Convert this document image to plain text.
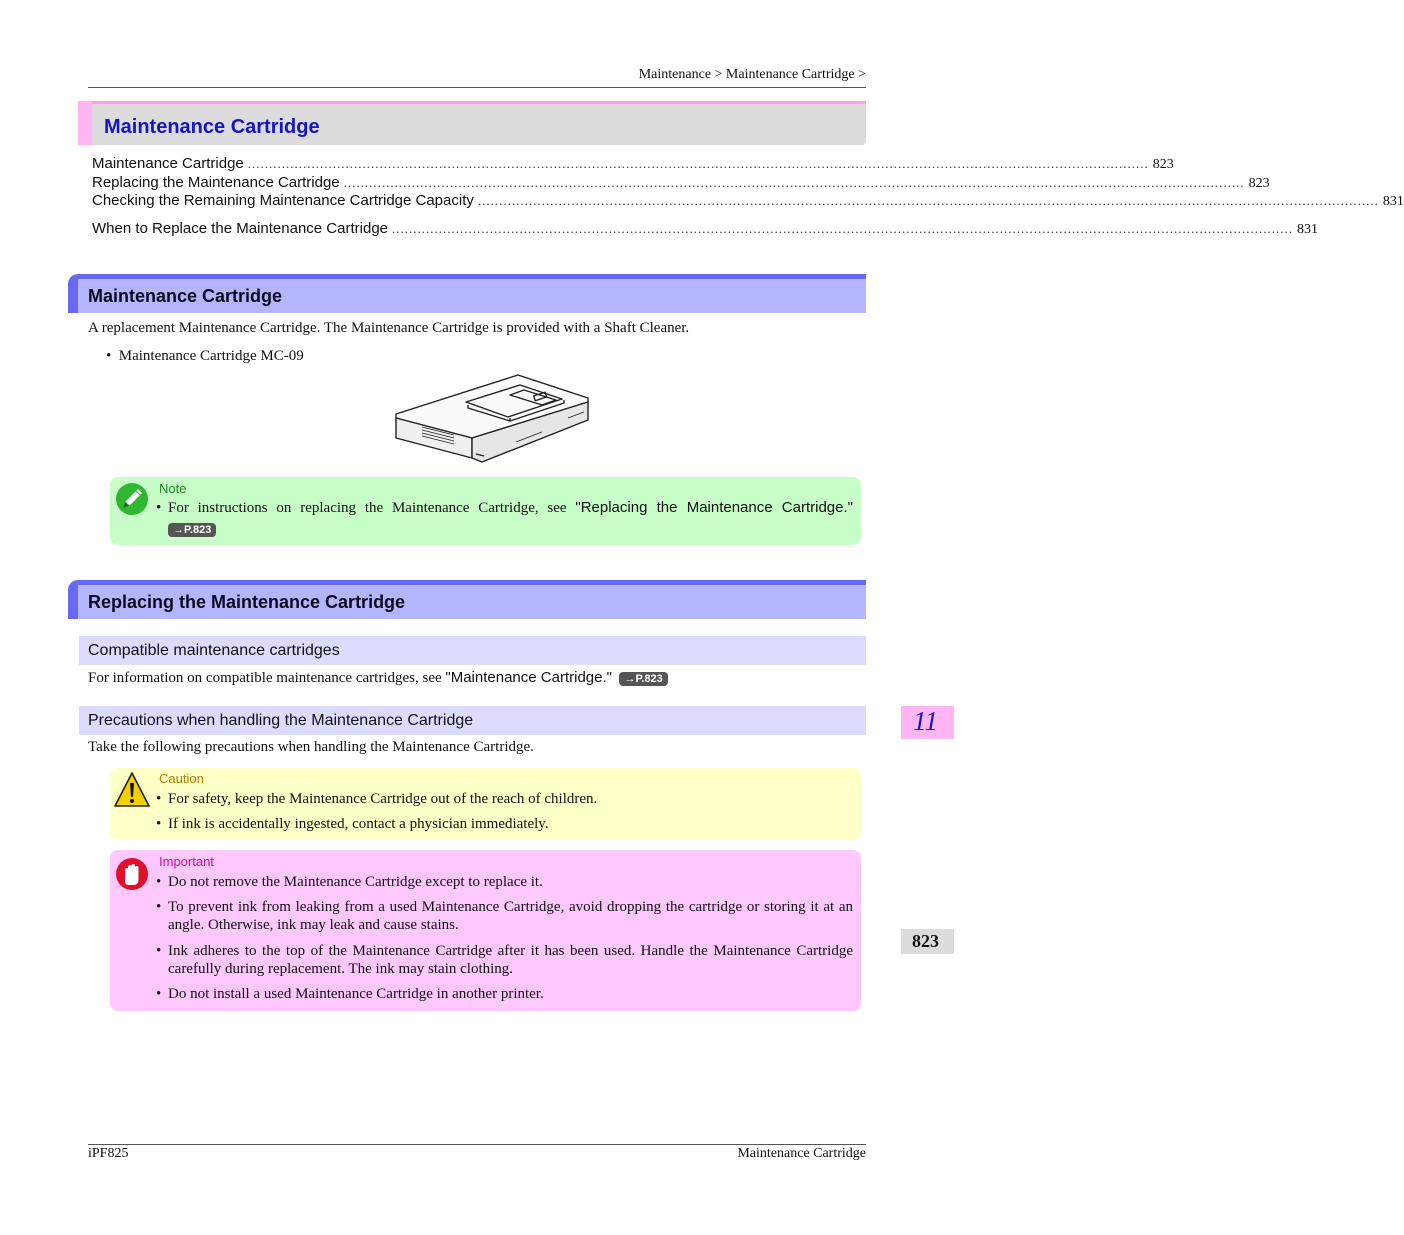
Maintenance > Maintenance Cartridge >
Maintenance Cartridge
Maintenance Cartridge .................................................................................................................................................................................................................... 823
Replacing the Maintenance Cartridge .................................................................................................................................................................................................................... 823
Checking the Remaining Maintenance Cartridge Capacity .................................................................................................................................................................................................................... 831
When to Replace the Maintenance Cartridge .................................................................................................................................................................................................................... 831
Maintenance Cartridge
A replacement Maintenance Cartridge. The Maintenance Cartridge is provided with a Shaft Cleaner.
•  Maintenance Cartridge MC-09
Note
• For instructions on replacing the Maintenance Cartridge, see "Replacing the Maintenance Cartridge."
→P.823
Replacing the Maintenance Cartridge
Compatible maintenance cartridges
For information on compatible maintenance cartridges, see "Maintenance Cartridge." →P.823
Precautions when handling the Maintenance Cartridge
Take the following precautions when handling the Maintenance Cartridge.
Caution
• For safety, keep the Maintenance Cartridge out of the reach of children.
• If ink is accidentally ingested, contact a physician immediately.
Important
• Do not remove the Maintenance Cartridge except to replace it.
• To prevent ink from leaking from a used Maintenance Cartridge, avoid dropping the cartridge or storing it at an angle. Otherwise, ink may leak and cause stains.
• Ink adheres to the top of the Maintenance Cartridge after it has been used. Handle the Maintenance Cartridge carefully during replacement. The ink may stain clothing.
• Do not install a used Maintenance Cartridge in another printer.
11
823
iPF825	Maintenance Cartridge
